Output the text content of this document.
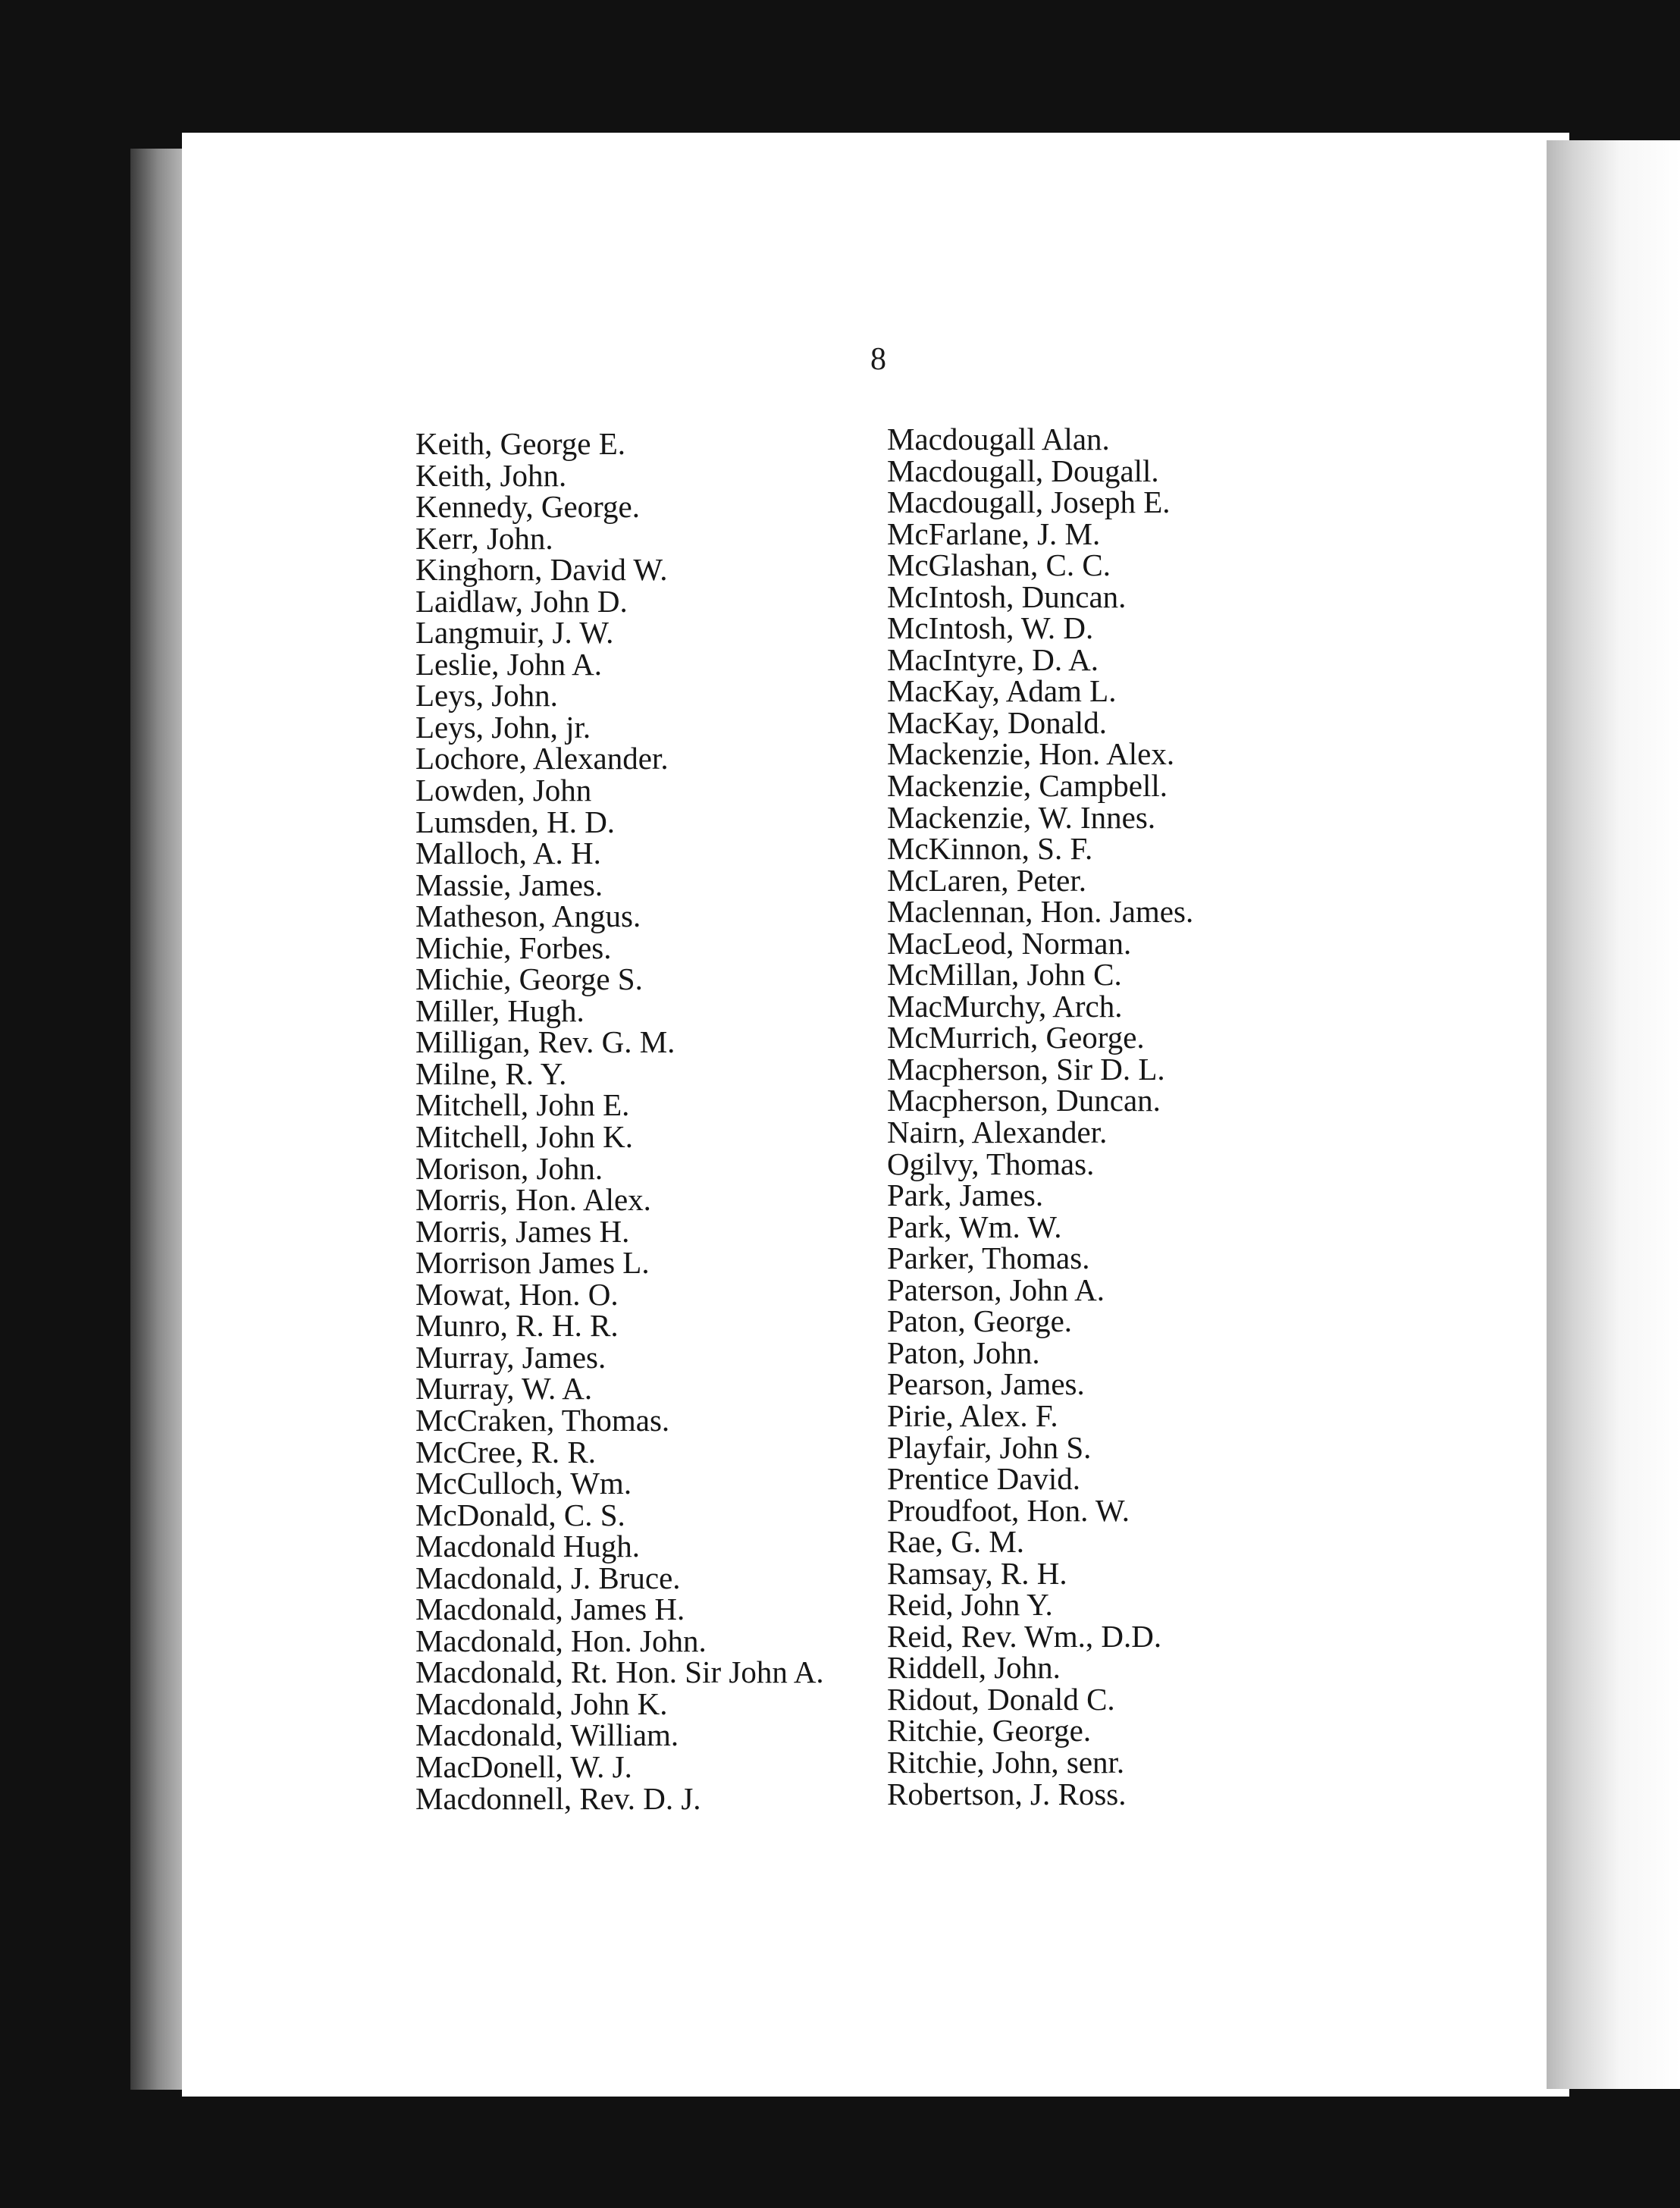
8
Keith, George E.
Keith, John.
Kennedy, George.
Kerr, John.
Kinghorn, David W.
Laidlaw, John D.
Langmuir, J. W.
Leslie, John A.
Leys, John.
Leys, John, jr.
Lochore, Alexander.
Lowden, John
Lumsden, H. D.
Malloch, A. H.
Massie, James.
Matheson, Angus.
Michie, Forbes.
Michie, George S.
Miller, Hugh.
Milligan, Rev. G. M.
Milne, R. Y.
Mitchell, John E.
Mitchell, John K.
Morison, John.
Morris, Hon. Alex.
Morris, James H.
Morrison James L.
Mowat, Hon. O.
Munro, R. H. R.
Murray, James.
Murray, W. A.
McCraken, Thomas.
McCree, R. R.
McCulloch, Wm.
McDonald, C. S.
Macdonald Hugh.
Macdonald, J. Bruce.
Macdonald, James H.
Macdonald, Hon. John.
Macdonald, Rt. Hon. Sir John A.
Macdonald, John K.
Macdonald, William.
MacDonell, W. J.
Macdonnell, Rev. D. J.
Macdougall Alan.
Macdougall, Dougall.
Macdougall, Joseph E.
McFarlane, J. M.
McGlashan, C. C.
McIntosh, Duncan.
McIntosh, W. D.
MacIntyre, D. A.
MacKay, Adam L.
MacKay, Donald.
Mackenzie, Hon. Alex.
Mackenzie, Campbell.
Mackenzie, W. Innes.
McKinnon, S. F.
McLaren, Peter.
Maclennan, Hon. James.
MacLeod, Norman.
McMillan, John C.
MacMurchy, Arch.
McMurrich, George.
Macpherson, Sir D. L.
Macpherson, Duncan.
Nairn, Alexander.
Ogilvy, Thomas.
Park, James.
Park, Wm. W.
Parker, Thomas.
Paterson, John A.
Paton, George.
Paton, John.
Pearson, James.
Pirie, Alex. F.
Playfair, John S.
Prentice David.
Proudfoot, Hon. W.
Rae, G. M.
Ramsay, R. H.
Reid, John Y.
Reid, Rev. Wm., D.D.
Riddell, John.
Ridout, Donald C.
Ritchie, George.
Ritchie, John, senr.
Robertson, J. Ross.
